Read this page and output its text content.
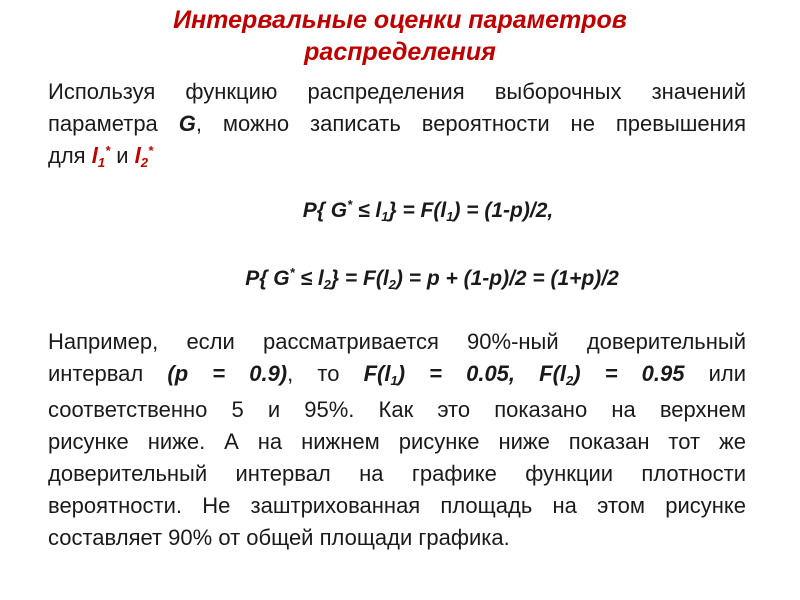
Интервальные оценки параметров
распределения
Используя функцию распределения выборочных значений
параметра G, можно записать вероятности не превышения
для $l_1^*$ и $l_2^*$
P{ $G^* \le l_1\} = F(l_1) = (1-p)/2$,
P{ $G^* \le l_2\} = F(l_2) = p + (1-p)/2 = (1+p)/2$
Например, если рассматривается 90%-ный доверительный
интервал (p = 0.9), то $F(l_1) = 0.05$, $F(l_2) = 0.95$ или
соответственно 5 и 95%. Как это показано на верхнем
рисунке ниже. А на нижнем рисунке ниже показан тот же
доверительный интервал на графике функции плотности
вероятности. Не заштрихованная площадь на этом рисунке
составляет 90% от общей площади графика.
